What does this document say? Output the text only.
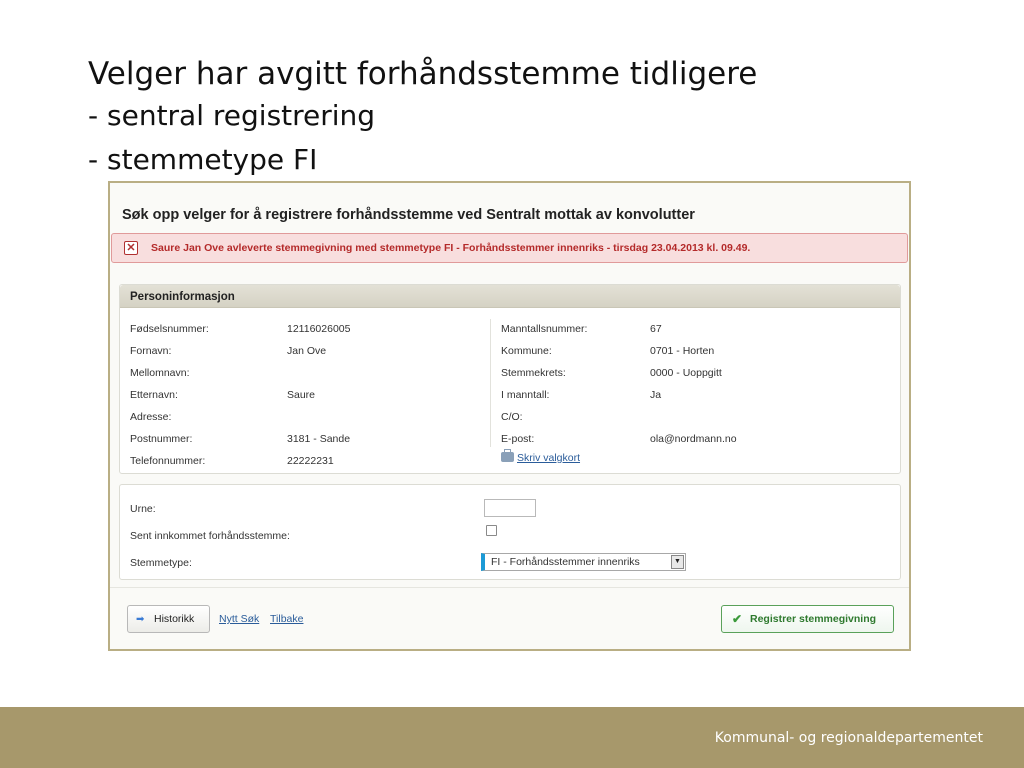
Velger har avgitt forhåndsstemme tidligere
- sentral registrering
- stemmetype FI
Søk opp velger for å registrere forhåndsstemme ved Sentralt mottak av konvolutter
✕ Saure Jan Ove avleverte stemmegivning med stemmetype FI - Forhåndsstemmer innenriks - tirsdag 23.04.2013 kl. 09.49.
Personinformasjon
Fødselsnummer:	12116026005
Fornavn:	Jan Ove
Mellomnavn:
Etternavn:	Saure
Adresse:
Postnummer:	3181 - Sande
Telefonnummer:	22222231
Manntallsnummer:	67
Kommune:	0701 - Horten
Stemmekrets:	0000 - Uoppgitt
I manntall:	Ja
C/O:
E-post:	ola@nordmann.no
Skriv valgkort
Urne:
Sent innkommet forhåndsstemme:
Stemmetype:	FI - Forhåndsstemmer innenriks	▼
➡ Historikk	Nytt Søk Tilbake	✔ Registrer stemmegivning
Kommunal- og regionaldepartementet
